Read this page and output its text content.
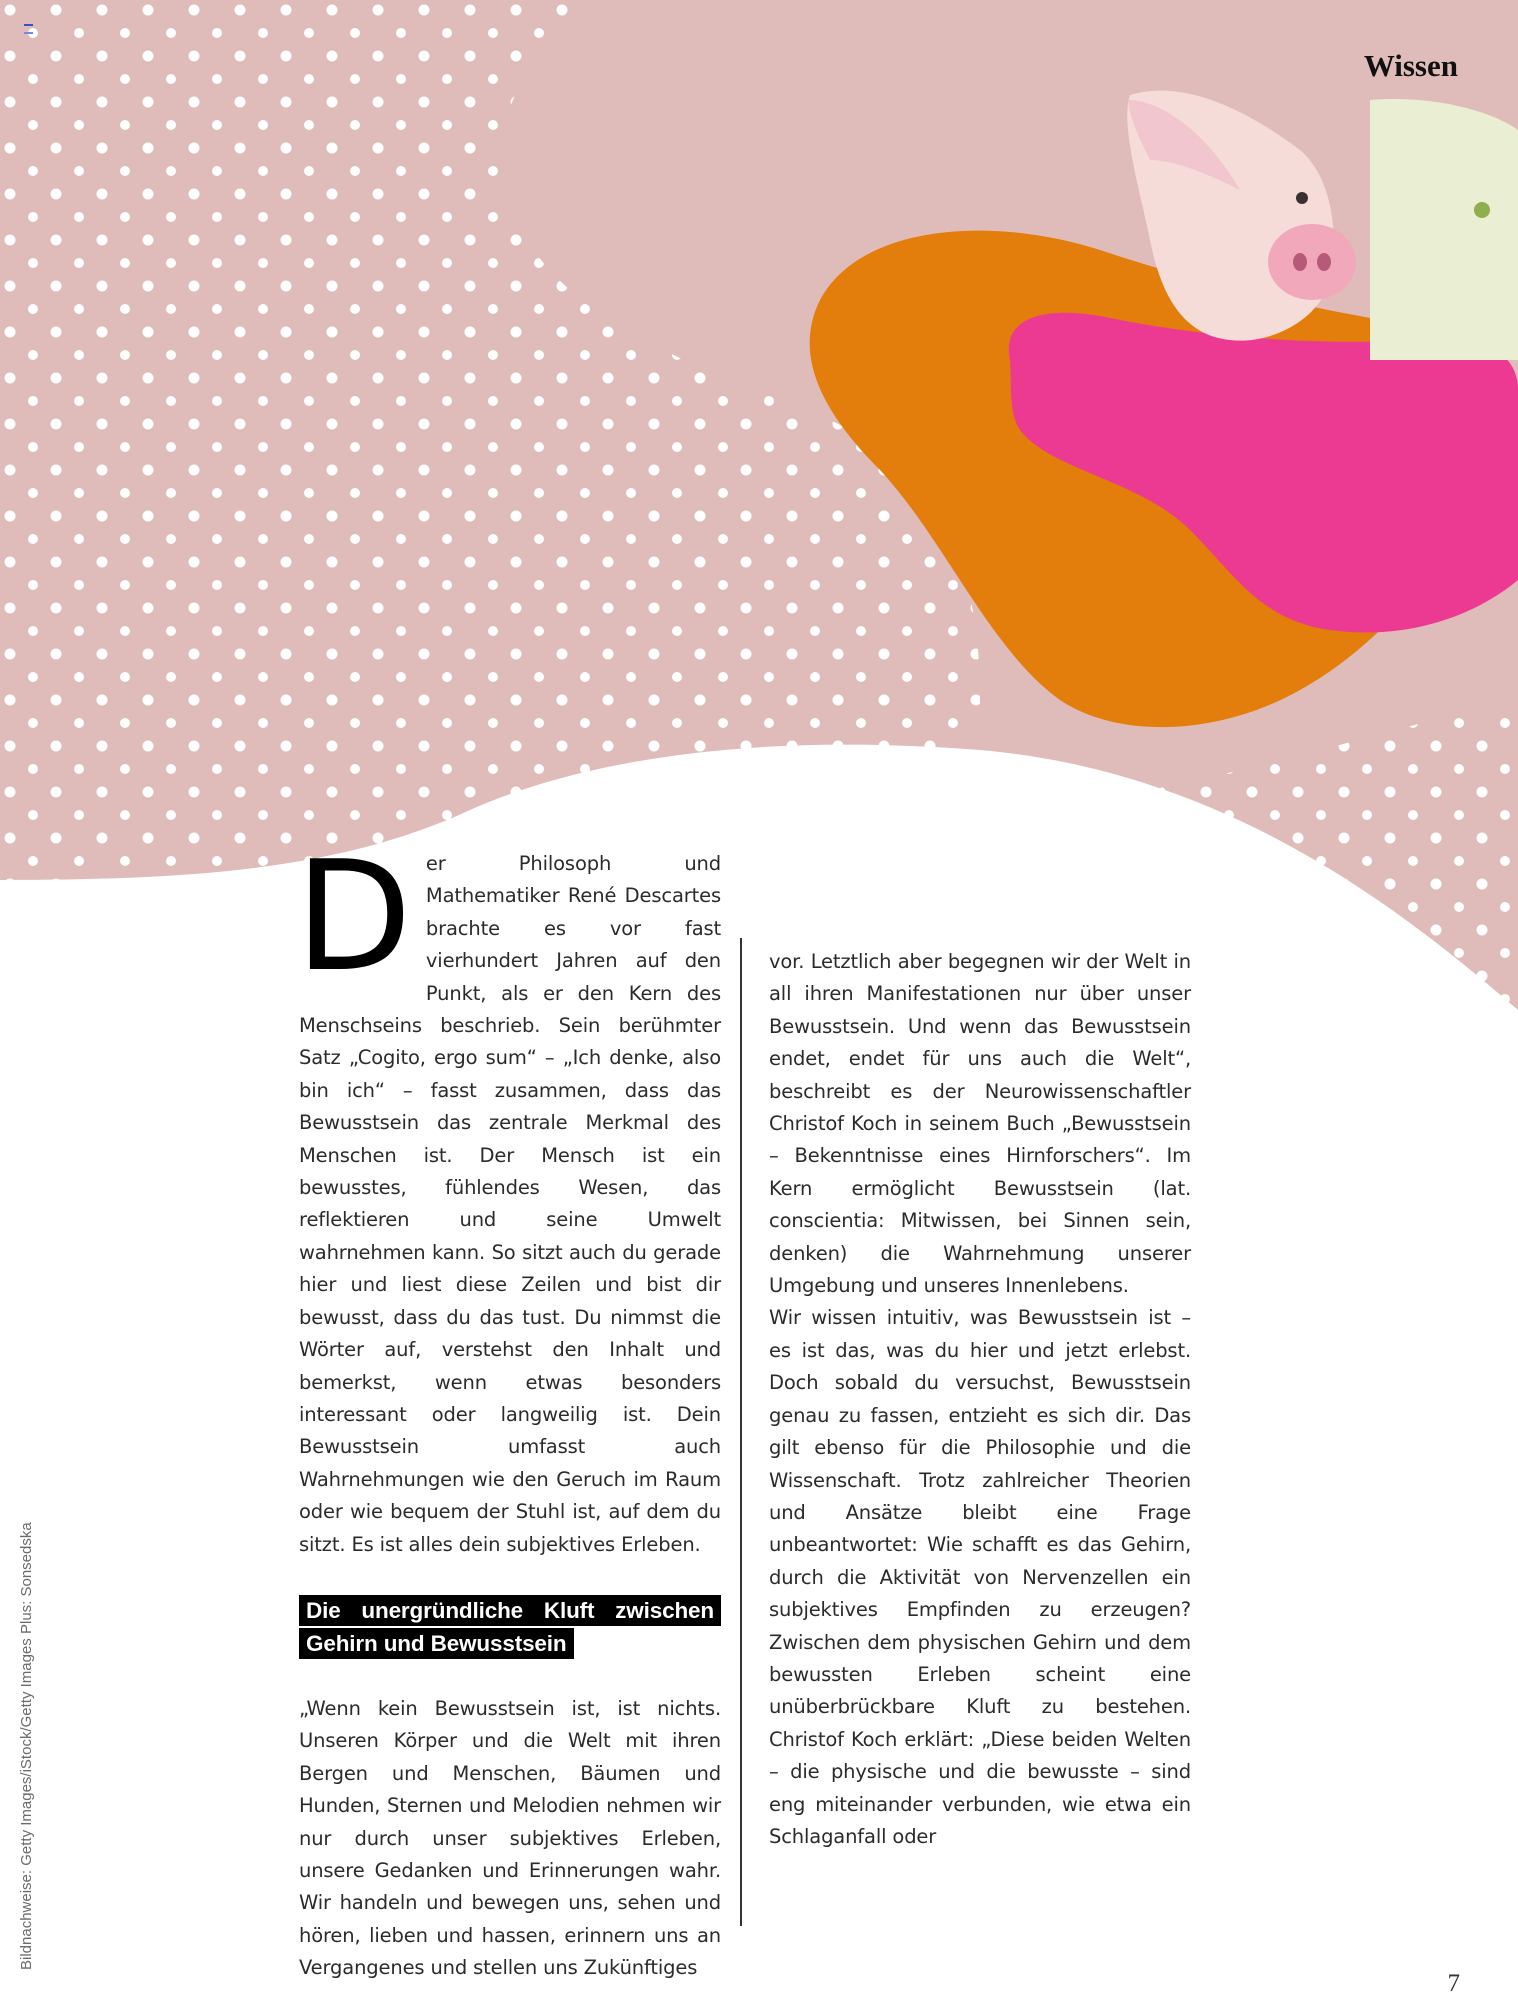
Wissen
Bildnachweise: Getty Images/iStock/Getty Images Plus: Sonsedska

Der Philosoph und Mathematiker René Descartes brachte es vor fast vierhundert Jahren auf den Punkt, als er den Kern des Menschseins beschrieb. Sein berühmter Satz „Cogito, ergo sum“ – „Ich denke, also bin ich“ – fasst zusammen, dass das Bewusstsein das zentrale Merkmal des Menschen ist. Der Mensch ist ein bewusstes, fühlendes Wesen, das reflektieren und seine Umwelt wahrnehmen kann. So sitzt auch du gerade hier und liest diese Zeilen und bist dir bewusst, dass du das tust. Du nimmst die Wörter auf, verstehst den Inhalt und bemerkst, wenn etwas besonders interessant oder langweilig ist. Dein Bewusstsein umfasst auch Wahrnehmungen wie den Geruch im Raum oder wie bequem der Stuhl ist, auf dem du sitzt. Es ist alles dein subjektives Erleben.

Die unergründliche Kluft zwischen Gehirn und Bewusstsein

„Wenn kein Bewusstsein ist, ist nichts. Unseren Körper und die Welt mit ihren Bergen und Menschen, Bäumen und Hunden, Sternen und Melodien nehmen wir nur durch unser subjektives Erleben, unsere Gedanken und Erinnerungen wahr. Wir handeln und bewegen uns, sehen und hören, lieben und hassen, erinnern uns an Vergangenes und stellen uns Zukünftiges

vor. Letztlich aber begegnen wir der Welt in all ihren Manifestationen nur über unser Bewusstsein. Und wenn das Bewusstsein endet, endet für uns auch die Welt“, beschreibt es der Neurowissenschaftler Christof Koch in seinem Buch „Bewusstsein – Bekenntnisse eines Hirnforschers“. Im Kern ermöglicht Bewusstsein (lat. conscientia: Mitwissen, bei Sinnen sein, denken) die Wahrnehmung unserer Umgebung und unseres Innenlebens.

Wir wissen intuitiv, was Bewusstsein ist – es ist das, was du hier und jetzt erlebst. Doch sobald du versuchst, Bewusstsein genau zu fassen, entzieht es sich dir. Das gilt ebenso für die Philosophie und die Wissenschaft. Trotz zahlreicher Theorien und Ansätze bleibt eine Frage unbeantwortet: Wie schafft es das Gehirn, durch die Aktivität von Nervenzellen ein subjektives Empfinden zu erzeugen? Zwischen dem physischen Gehirn und dem bewussten Erleben scheint eine unüberbrückbare Kluft zu bestehen. Christof Koch erklärt: „Diese beiden Welten – die physische und die bewusste – sind eng miteinander verbunden, wie etwa ein Schlaganfall oder

7
